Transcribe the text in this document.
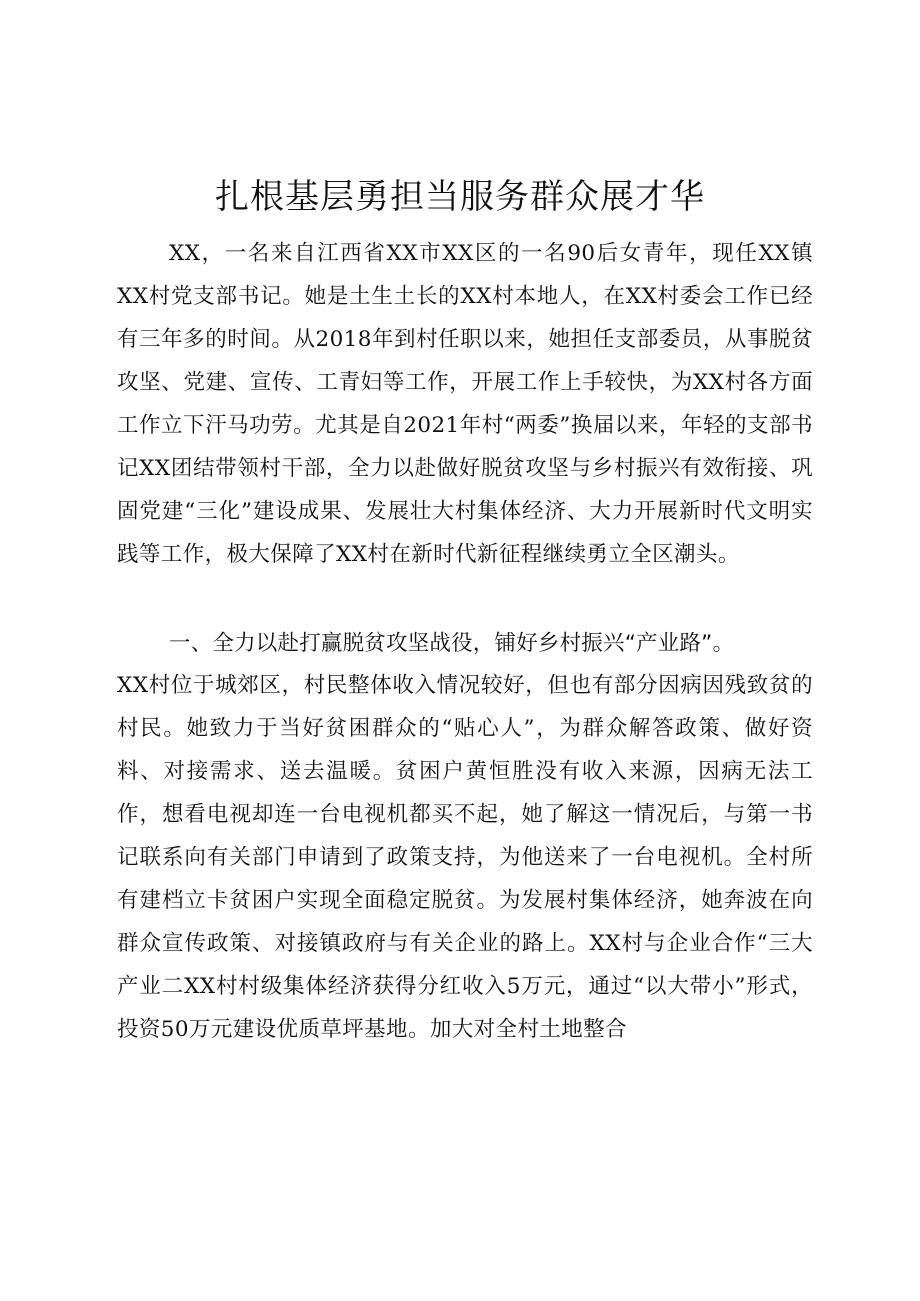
扎根基层勇担当服务群众展才华

XX，一名来自江西省XX市XX区的一名90后女青年，现任XX镇XX村党支部书记。她是土生土长的XX村本地人，在XX村委会工作已经有三年多的时间。从2018年到村任职以来，她担任支部委员，从事脱贫攻坚、党建、宣传、工青妇等工作，开展工作上手较快，为XX村各方面工作立下汗马功劳。尤其是自2021年村“两委”换届以来，年轻的支部书记XX团结带领村干部，全力以赴做好脱贫攻坚与乡村振兴有效衔接、巩固党建“三化”建设成果、发展壮大村集体经济、大力开展新时代文明实践等工作，极大保障了XX村在新时代新征程继续勇立全区潮头。

一、全力以赴打赢脱贫攻坚战役，铺好乡村振兴“产业路”。

XX村位于城郊区，村民整体收入情况较好，但也有部分因病因残致贫的村民。她致力于当好贫困群众的“贴心人”，为群众解答政策、做好资料、对接需求、送去温暖。贫困户黄恒胜没有收入来源，因病无法工作，想看电视却连一台电视机都买不起，她了解这一情况后，与第一书记联系向有关部门申请到了政策支持，为他送来了一台电视机。全村所有建档立卡贫困户实现全面稳定脱贫。为发展村集体经济，她奔波在向群众宣传政策、对接镇政府与有关企业的路上。XX村与企业合作“三大产业二XX村村级集体经济获得分红收入5万元，通过“以大带小”形式，投资50万元建设优质草坪基地。加大对全村土地整合
